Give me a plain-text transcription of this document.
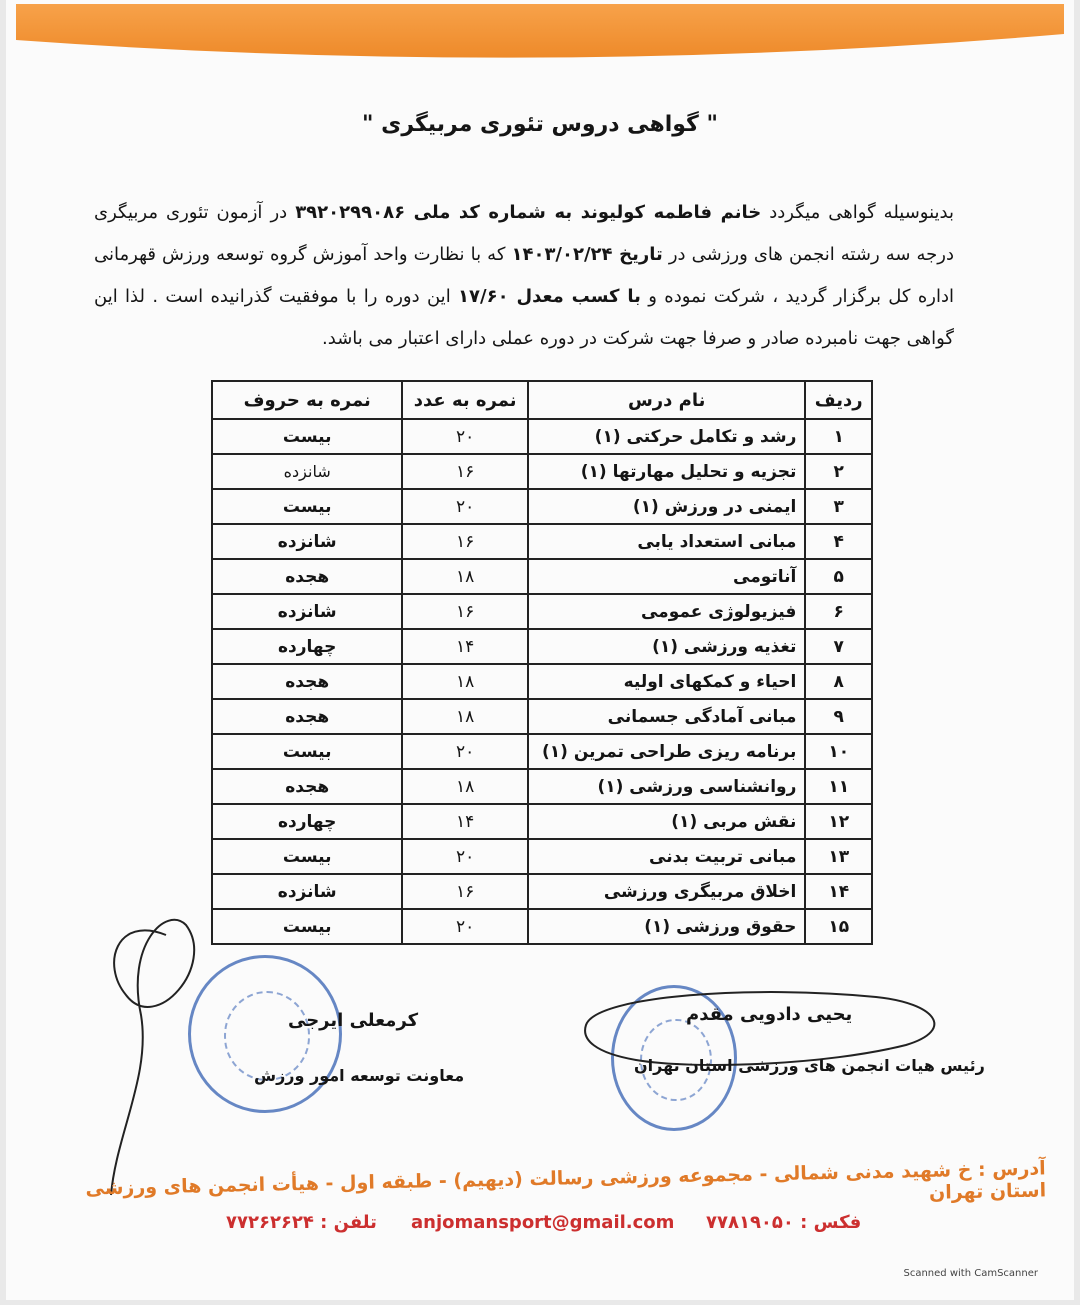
" گواهی دروس تئوری مربیگری "
بدینوسیله گواهی میگردد خانم فاطمه کولیوند به شماره کد ملی ۳۹۲۰۲۹۹۰۸۶ در آزمون تئوری مربیگری درجه سه رشته انجمن های ورزشی در تاریخ ۱۴۰۳/۰۲/۲۴ که با نظارت واحد آموزش گروه توسعه ورزش قهرمانی اداره کل برگزار گردید ، شرکت نموده و با کسب معدل ۱۷/۶۰ این دوره را با موفقیت گذرانیده است . لذا این گواهی جهت نامبرده صادر و صرفا جهت شرکت در دوره عملی دارای اعتبار می باشد.
ردیف	نام درس	نمره به عدد	نمره به حروف
۱	رشد و تکامل حرکتی (۱)	۲۰	بیست
۲	تجزیه و تحلیل مهارتها (۱)	۱۶	شانزده
۳	ایمنی در ورزش (۱)	۲۰	بیست
۴	مبانی استعداد یابی	۱۶	شانزده
۵	آناتومی	۱۸	هجده
۶	فیزیولوژی عمومی	۱۶	شانزده
۷	تغذیه ورزشی (۱)	۱۴	چهارده
۸	احیاء و کمکهای اولیه	۱۸	هجده
۹	مبانی آمادگی جسمانی	۱۸	هجده
۱۰	برنامه ریزی طراحی تمرین (۱)	۲۰	بیست
۱۱	روانشناسی ورزشی (۱)	۱۸	هجده
۱۲	نقش مربی (۱)	۱۴	چهارده
۱۳	مبانی تربیت بدنی	۲۰	بیست
۱۴	اخلاق مربیگری ورزشی	۱۶	شانزده
۱۵	حقوق ورزشی (۱)	۲۰	بیست
کرمعلی ایرجی
معاونت توسعه امور ورزش
یحیی دادویی مقدم
رئیس هیات انجمن های ورزشی استان تهران
آدرس : خ شهید مدنی شمالی - مجموعه ورزشی رسالت (دیهیم) - طبقه اول - هیأت انجمن های ورزشی استان تهران
فکس : ۷۷۸۱۹۰۵۰
anjomansport@gmail.com
تلفن : ۷۷۲۶۲۶۲۴
Scanned with CamScanner
